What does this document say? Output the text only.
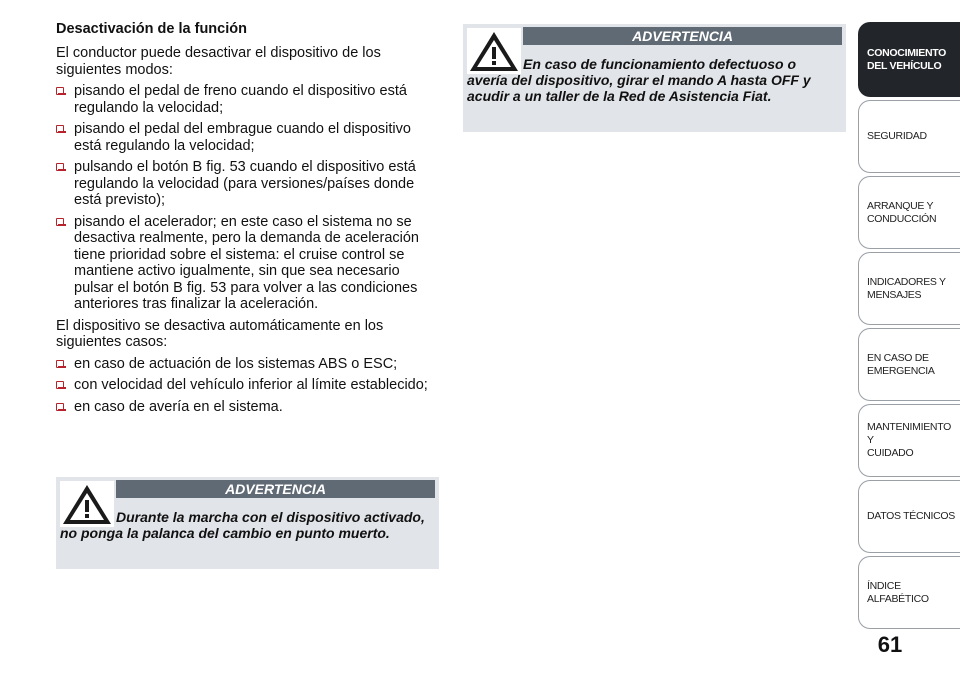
Desactivación de la función

El conductor puede desactivar el dispositivo de los siguientes modos:

pisando el pedal de freno cuando el dispositivo está regulando la velocidad;
pisando el pedal del embrague cuando el dispositivo está regulando la velocidad;
pulsando el botón B fig. 53 cuando el dispositivo está regulando la velocidad (para versiones/países donde está previsto);
pisando el acelerador; en este caso el sistema no se desactiva realmente, pero la demanda de aceleración tiene prioridad sobre el sistema: el cruise control se mantiene activo igualmente, sin que sea necesario pulsar el botón B fig. 53 para volver a las condiciones anteriores tras finalizar la aceleración.

El dispositivo se desactiva automáticamente en los siguientes casos:

en caso de actuación de los sistemas ABS o ESC;
con velocidad del vehículo inferior al límite establecido;
en caso de avería en el sistema.
ADVERTENCIA
Durante la marcha con el dispositivo activado, no ponga la palanca del cambio en punto muerto.
ADVERTENCIA
En caso de funcionamiento defectuoso o avería del dispositivo, girar el mando A hasta OFF y acudir a un taller de la Red de Asistencia Fiat.
CONOCIMIENTO
DEL VEHÍCULO
SEGURIDAD
ARRANQUE Y
CONDUCCIÓN
INDICADORES Y
MENSAJES
EN CASO DE
EMERGENCIA
MANTENIMIENTO Y
CUIDADO
DATOS TÉCNICOS
ÍNDICE ALFABÉTICO
61
